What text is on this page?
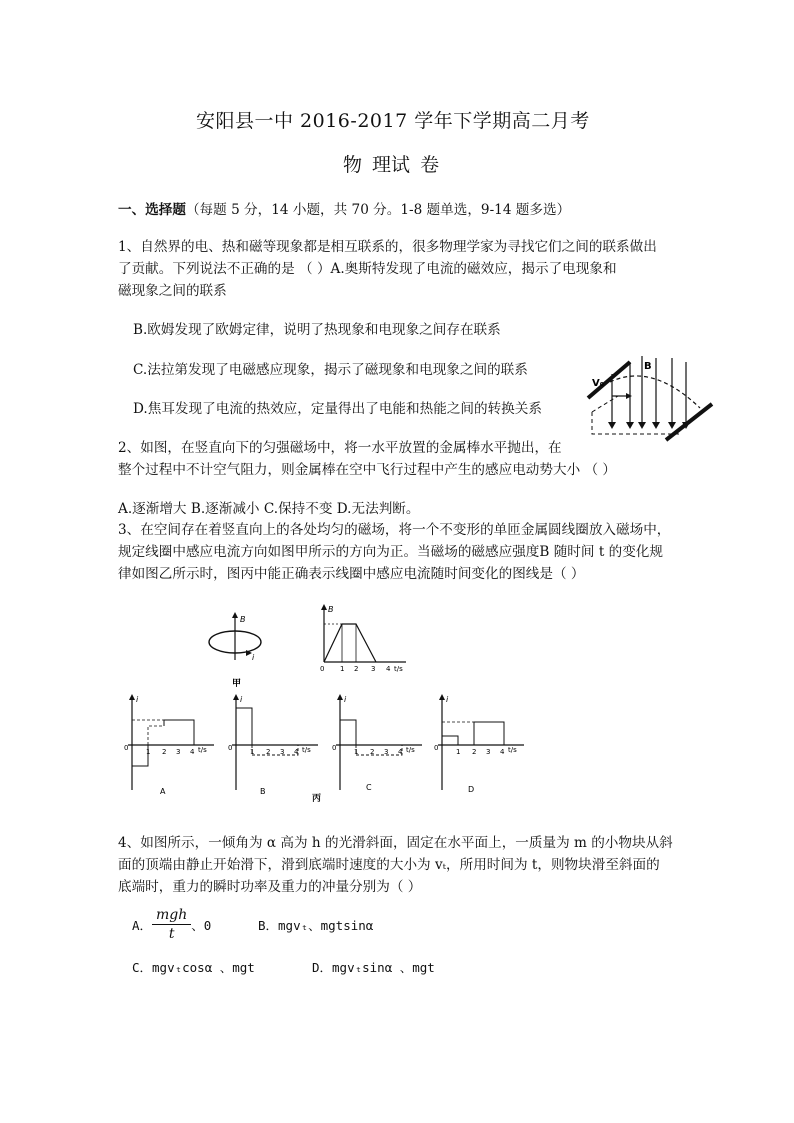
安阳县一中 2016-2017 学年下学期高二月考
物 理试 卷
一、选择题（每题 5 分，14 小题，共 70 分。1-8 题单选，9-14 题多选）
1、自然界的电、热和磁等现象都是相互联系的，很多物理学家为寻找它们之间的联系做出
了贡献。下列说法不正确的是 （ ）A.奥斯特发现了电流的磁效应，揭示了电现象和
磁现象之间的联系
B.欧姆发现了欧姆定律，说明了热现象和电现象之间存在联系
C.法拉第发现了电磁感应现象，揭示了磁现象和电现象之间的联系
D.焦耳发现了电流的热效应，定量得出了电能和热能之间的转换关系
V₀
B
2、如图，在竖直向下的匀强磁场中，将一水平放置的金属棒水平抛出，在
整个过程中不计空气阻力，则金属棒在空中飞行过程中产生的感应电动势大小 （ ）
A.逐渐增大 B.逐渐减小 C.保持不变 D.无法判断。
3、在空间存在着竖直向上的各处均匀的磁场，将一个不变形的单匝金属圆线圈放入磁场中，
规定线圈中感应电流方向如图甲所示的方向为正。当磁场的磁感应强度B 随时间 t 的变化规
律如图乙所示时，图丙中能正确表示线圈中感应电流随时间变化的图线是（ ）
B
i
甲
B
0 1 2 3 4 t/s
i
0	1 2 3 4 t/s
A
i
0	1 2 3 4 t/s
B
i
0	1 2 3 4 t/s
C
i
0	1 2 3 4 t/s
D
丙
4、如图所示，一倾角为 α 高为 h 的光滑斜面，固定在水平面上，一质量为 m 的小物块从斜
面的顶端由静止开始滑下，滑到底端时速度的大小为 vₜ，所用时间为 t，则物块滑至斜面的
底端时，重力的瞬时功率及重力的冲量分别为（ ）
A． $\frac{\text{mgh}}{t}$ 、0	B．mgvₜ、mgtsinα
C．mgvₜcosα 、mgt	D．mgvₜsinα 、mgt
